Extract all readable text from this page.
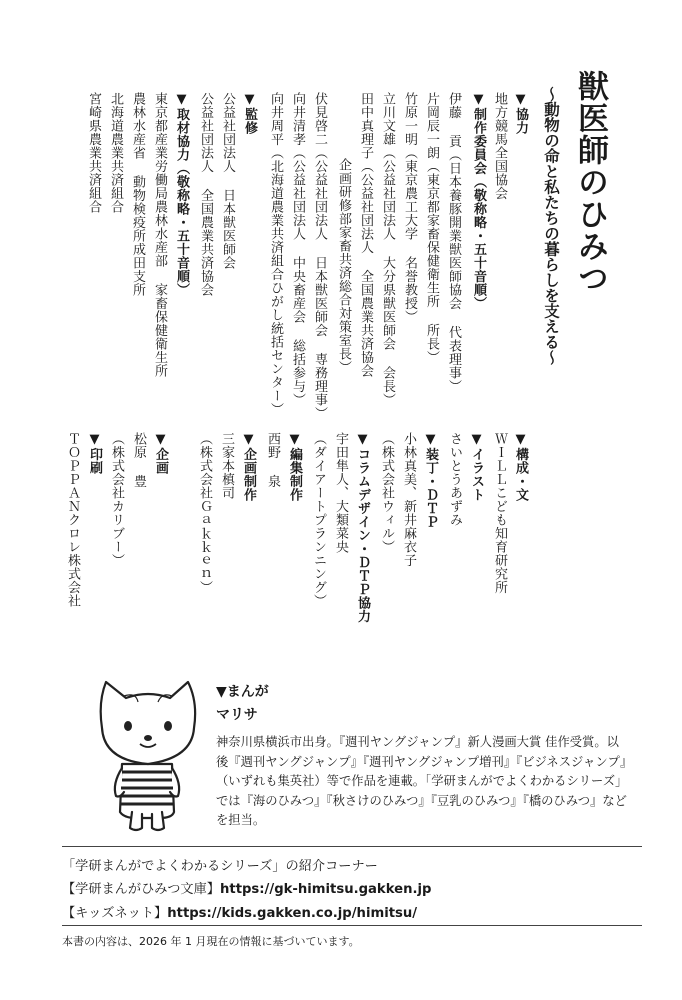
獣医師のひみつ
～動物の命と私たちの暮らしを支える～
▼協力
地方競馬全国協会
▼制作委員会（敬称略・五十音順）
伊藤 貢（日本養豚開業獣医師協会 代表理事）
片岡辰一朗（東京都家畜保健衛生所 所長）
竹原一明（東京農工大学 名誉教授）
立川文雄（公益社団法人 大分県獣医師会 会長）
田中真理子（公益社団法人 全国農業共済協会
企画研修部家畜共済総合対策室長）
伏見啓二（公益社団法人 日本獣医師会 専務理事）
向井清孝（公益社団法人 中央畜産会 総括参与）
向井周平（北海道農業共済組合ひがし統括センター）
▼監修
公益社団法人 日本獣医師会
公益社団法人 全国農業共済協会
▼取材協力（敬称略・五十音順）
東京都産業労働局農林水産部 家畜保健衛生所
農林水産省 動物検疫所成田支所
北海道農業共済組合
宮崎県農業共済組合
▼構成・文
ＷＩＬＬこども知育研究所
▼イラスト
さいとうあずみ
▼装丁・ＤＴＰ
小林真美、新井麻衣子
（株式会社ウィル）
▼コラムデザイン・ＤＴＰ協力
宇田隼人、大類菜央
（ダイアートプランニング）
▼編集制作
西野 泉
▼企画制作
三家本槙司
（株式会社Ｇａｋｋｅｎ）
▼企画
松原 豊
（株式会社カリブー）
▼印刷
ＴＯＰＰＡＮクロレ株式会社
▼まんが
マリサ

神奈川県横浜市出身。『週刊ヤングジャンプ』新人漫画大賞 佳作受賞。以後『週刊ヤングジャンプ』『週刊ヤングジャンプ増刊』『ビジネスジャンプ』（いずれも集英社）等で作品を連載。「学研まんがでよくわかるシリーズ」では『海のひみつ』『秋さけのひみつ』『豆乳のひみつ』『橋のひみつ』などを担当。

「学研まんがでよくわかるシリーズ」の紹介コーナー
【学研まんがひみつ文庫】https://gk-himitsu.gakken.jp
【キッズネット】https://kids.gakken.co.jp/himitsu/
本書の内容は、2026 年 1 月現在の情報に基づいています。
